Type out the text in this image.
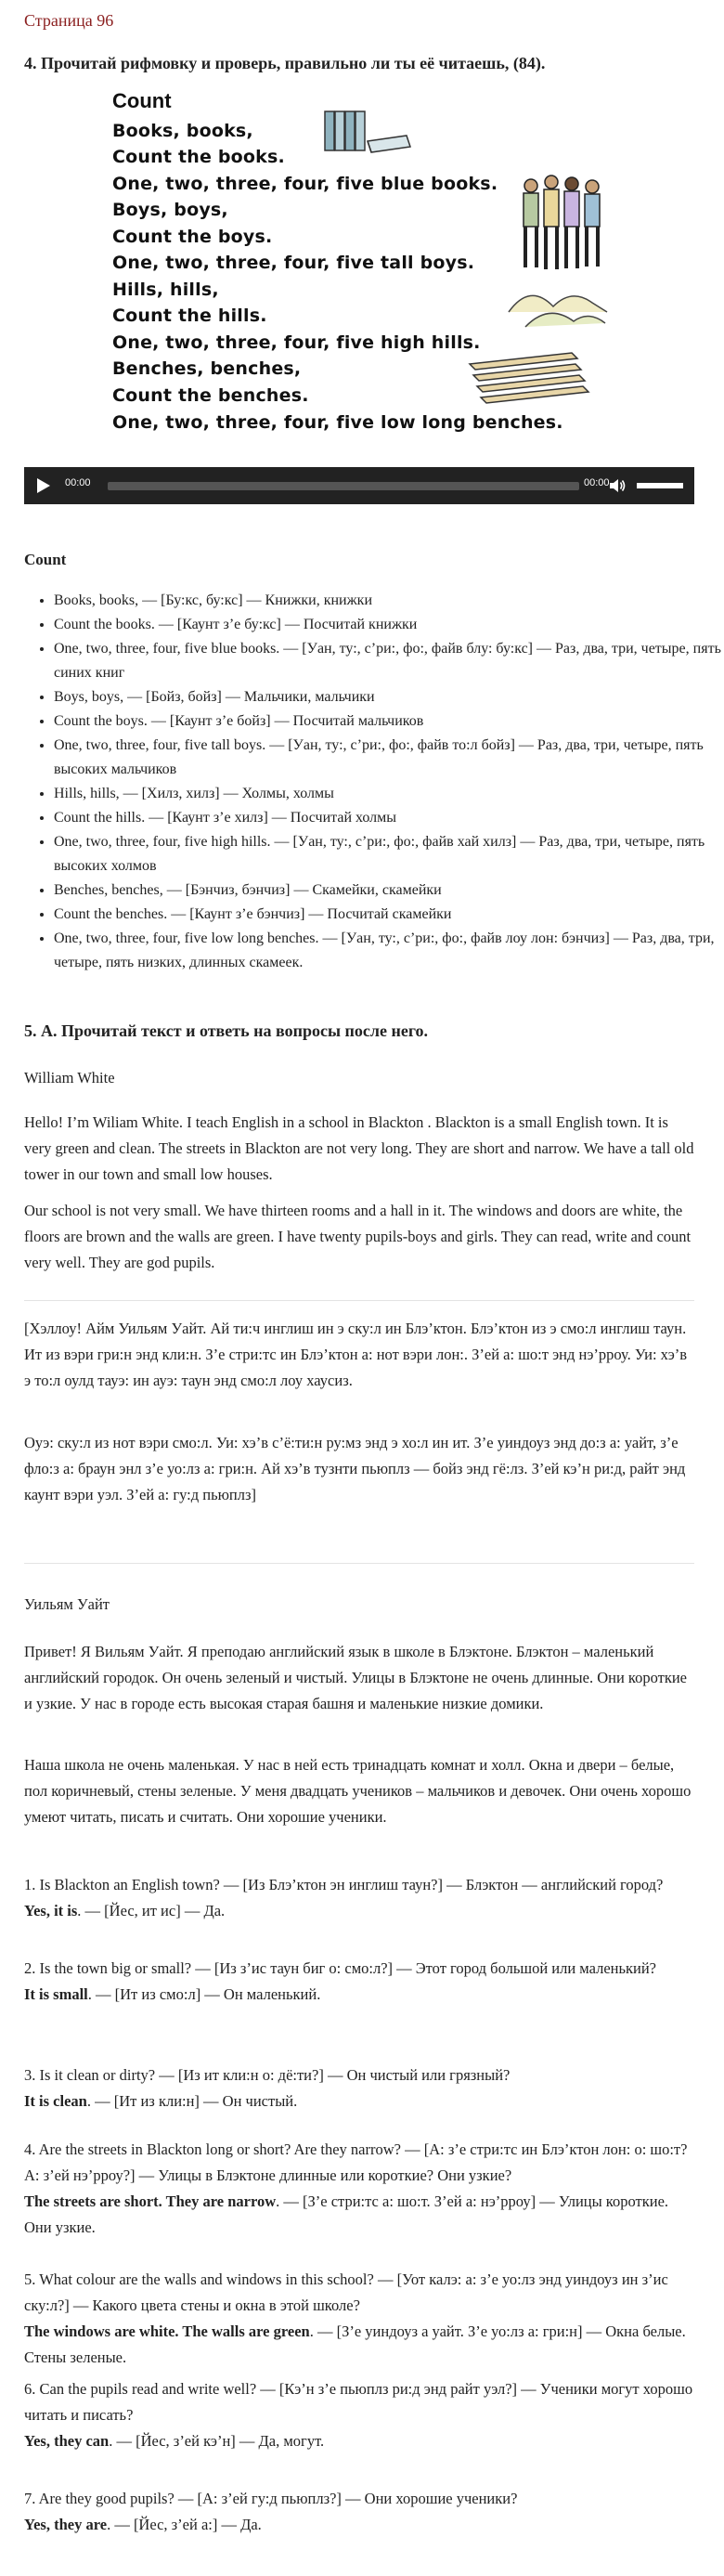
Страница 96

4. Прочитай рифмовку и проверь, правильно ли ты её читаешь, (84).

Count
Books, books,
Count the books.
One, two, three, four, five blue books.
Boys, boys,
Count the boys.
One, two, three, four, five tall boys.
Hills, hills,
Count the hills.
One, two, three, four, five high hills.
Benches, benches,
Count the benches.
One, two, three, four, five low long benches.
00:00	00:00

Count

• Books, books, — [Бу:кс, бу:кс] — Книжки, книжки
• Count the books. — [Каунт з’е бу:кс] — Посчитай книжки
• One, two, three, four, five blue books. — [Уан, ту:, с’ри:, фо:, файв блу: бу:кс] — Раз, два, три, четыре, пять синих книг
• Boys, boys, — [Бойз, бойз] — Мальчики, мальчики
• Count the boys. — [Каунт з’е бойз] — Посчитай мальчиков
• One, two, three, four, five tall boys. — [Уан, ту:, с’ри:, фо:, файв то:л бойз] — Раз, два, три, четыре, пять высоких мальчиков
• Hills, hills, — [Хилз, хилз] — Холмы, холмы
• Count the hills. — [Каунт з’е хилз] — Посчитай холмы
• One, two, three, four, five high hills. — [Уан, ту:, с’ри:, фо:, файв хай хилз] — Раз, два, три, четыре, пять высоких холмов
• Benches, benches, — [Бэнчиз, бэнчиз] — Скамейки, скамейки
• Count the benches. — [Каунт з’е бэнчиз] — Посчитай скамейки
• One, two, three, four, five low long benches. — [Уан, ту:, с’ри:, фо:, файв лоу лон: бэнчиз] — Раз, два, три, четыре, пять низких, длинных скамеек.

5. А. Прочитай текст и ответь на вопросы после него.

William White

Hello! I’m Wiliam White. I teach English in a school in Blackton . Blackton is a small English town. It is very green and clean. The streets in Blackton are not very long. They are short and narrow. We have a tall old tower in our town and small low houses.

Our school is not very small. We have thirteen rooms and a hall in it. The windows and doors are white, the floors are brown and the walls are green. I have twenty pupils-boys and girls. They can read, write and count very well. They are god pupils.

[Хэллоу! Айм Уильям Уайт. Ай ти:ч инглиш ин э ску:л ин Блэ’ктон. Блэ’ктон из э смо:л инглиш таун. Ит из вэри гри:н энд кли:н. З’е стри:тс ин Блэ’ктон а: нот вэри лон:. З’ей а: шо:т энд нэ’рроу. Уи: хэ’в э то:л оулд тауэ: ин ауэ: таун энд смо:л лоу хаусиз.

Оуэ: ску:л из нот вэри смо:л. Уи: хэ’в с’ё:ти:н ру:мз энд э хо:л ин ит. З’е уиндоуз энд до:з а: уайт, з’е фло:з а: браун энл з’е уо:лз а: гри:н. Ай хэ’в тузнти пьюплз — бойз энд гё:лз. З’ей кэ’н ри:д, райт энд каунт вэри уэл. З’ей а: гу:д пьюплз]

Уильям Уайт

Привет! Я Вильям Уайт. Я преподаю английский язык в школе в Блэктоне. Блэктон – маленький английский городок. Он очень зеленый и чистый. Улицы в Блэктоне не очень длинные. Они короткие и узкие. У нас в городе есть высокая старая башня и маленькие низкие домики.

Наша школа не очень маленькая. У нас в ней есть тринадцать комнат и холл. Окна и двери – белые, пол коричневый, стены зеленые. У меня двадцать учеников – мальчиков и девочек. Они очень хорошо умеют читать, писать и считать. Они хорошие ученики.

1. Is Blackton an English town? — [Из Блэ’ктон эн инглиш таун?] — Блэктон — английский город?

Yes, it is. — [Йес, ит ис] — Да.

2. Is the town big or small? — [Из з’ис таун биг о: смо:л?] — Этот город большой или маленький?

It is small. — [Ит из смо:л] — Он маленький.

3. Is it clean or dirty? — [Из ит кли:н о: дё:ти?] — Он чистый или грязный?

It is clean. — [Ит из кли:н] — Он чистый.

4. Are the streets in Blackton long or short? Are they narrow? — [А: з’е стри:тс ин Блэ’ктон лон: о: шо:т? А: з’ей нэ’рроу?] — Улицы в Блэктоне длинные или короткие? Они узкие?

The streets are short. They are narrow. — [З’е стри:тс а: шо:т. З’ей а: нэ’рроу] — Улицы короткие. Они узкие.

5. What colour are the walls and windows in this school? — [Уот калэ: а: з’е уо:лз энд уиндоуз ин з’ис ску:л?] — Какого цвета стены и окна в этой школе?

The windows are white. The walls are green. — [З’е уиндоуз а уайт. З’е уо:лз а: гри:н] — Окна белые. Стены зеленые.

6. Can the pupils read and write well? — [Кэ’н з’е пьюплз ри:д энд райт уэл?] — Ученики могут хорошо читать и писать?

Yes, they can. — [Йес, з’ей кэ’н] — Да, могут.

7. Are they good pupils? — [А: з’ей гу:д пьюплз?] — Они хорошие ученики?

Yes, they are. — [Йес, з’ей а:] — Да.
